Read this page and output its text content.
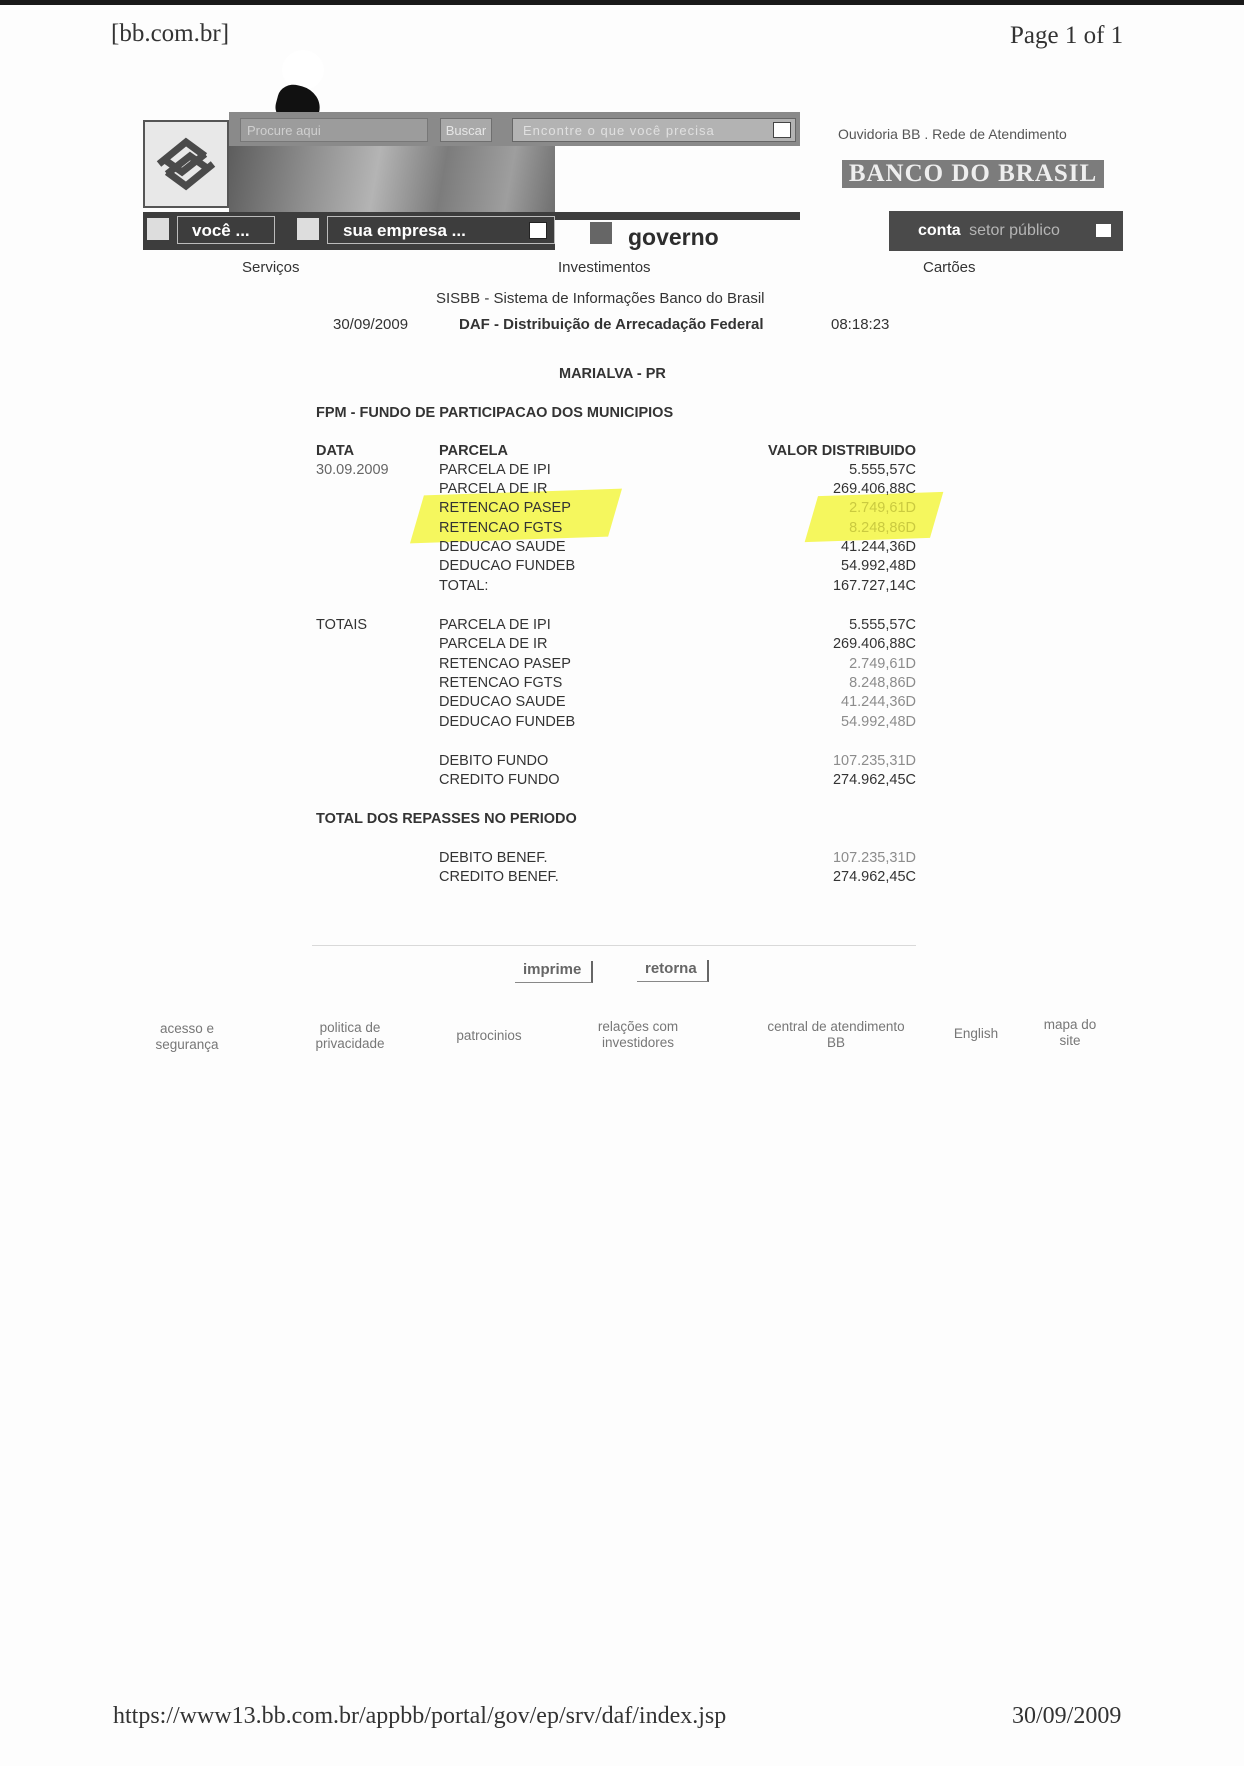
[bb.com.br]	Page 1 of 1
Procure aqui	Buscar	Encontre o que você precisa
você ...	sua empresa ...	governo
Ouvidoria BB . Rede de Atendimento
BANCO DO BRASIL
conta setor público
Serviços	Investimentos	Cartões
SISBB - Sistema de Informações Banco do Brasil
30/09/2009	DAF - Distribuição de Arrecadação Federal	08:18:23
MARIALVA - PR
FPM - FUNDO DE PARTICIPACAO DOS MUNICIPIOS
DATA	PARCELA	VALOR DISTRIBUIDO
30.09.2009	PARCELA DE IPI	5.555,57C
PARCELA DE IR	269.406,88C
RETENCAO PASEP	2.749,61D
RETENCAO FGTS	8.248,86D
DEDUCAO SAUDE	41.244,36D
DEDUCAO FUNDEB	54.992,48D
TOTAL:	167.727,14C
TOTAIS	PARCELA DE IPI	5.555,57C
PARCELA DE IR	269.406,88C
RETENCAO PASEP	2.749,61D
RETENCAO FGTS	8.248,86D
DEDUCAO SAUDE	41.244,36D
DEDUCAO FUNDEB	54.992,48D
DEBITO FUNDO	107.235,31D
CREDITO FUNDO	274.962,45C
TOTAL DOS REPASSES NO PERIODO
DEBITO BENEF.	107.235,31D
CREDITO BENEF.	274.962,45C
imprime	retorna
acesso e
segurança
politica de
privacidade
patrocinios
relações com
investidores
central de atendimento
BB
English
mapa do
site
https://www13.bb.com.br/appbb/portal/gov/ep/srv/daf/index.jsp	30/09/2009
